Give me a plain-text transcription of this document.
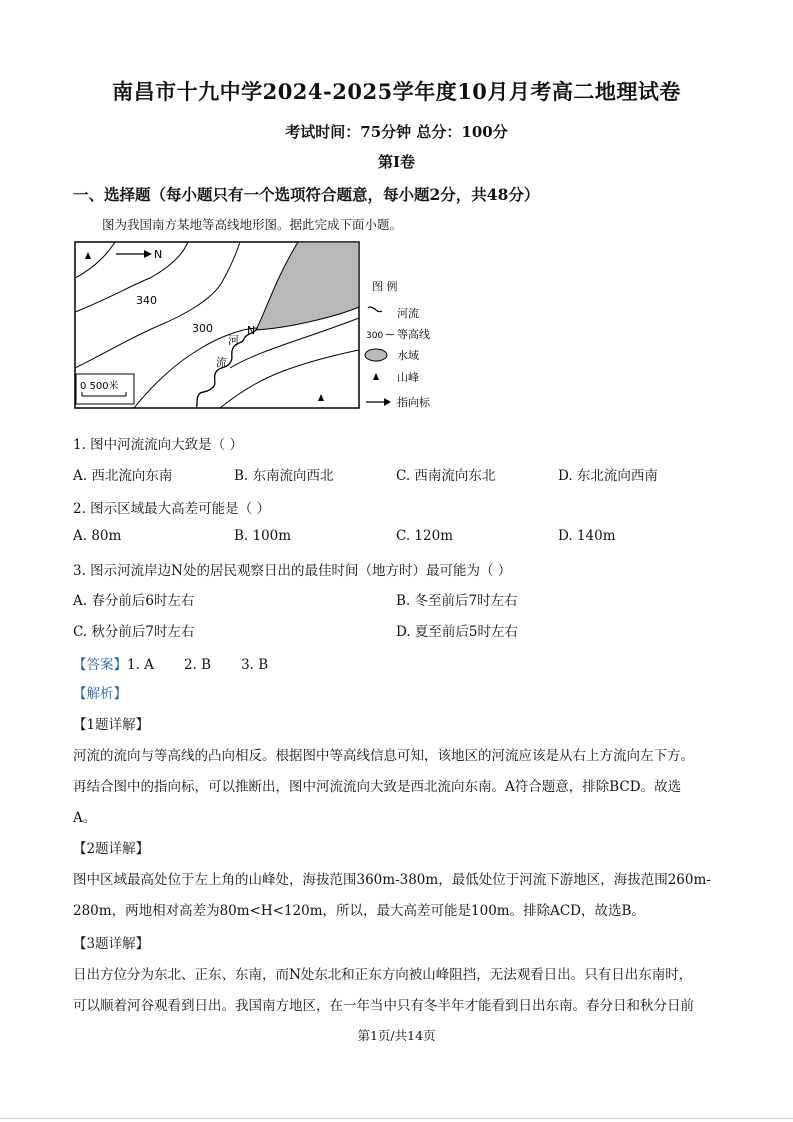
南昌市十九中学2024-2025学年度10月月考高二地理试卷
考试时间：75分钟 总分：100分
第I卷
一、选择题（每小题只有一个选项符合题意，每小题2分，共48分）
图为我国南方某地等高线地形图。据此完成下面小题。
0 500米
N
340
300
河
流
N
图 例
河流
300 等高线
水域
山峰
指向标
1. 图中河流流向大致是（ ）
A. 西北流向东南	B. 东南流向西北	C. 西南流向东北	D. 东北流向西南
2. 图示区域最大高差可能是（ ）
A. 80m	B. 100m	C. 120m	D. 140m
3. 图示河流岸边N处的居民观察日出的最佳时间（地方时）最可能为（ ）
A. 春分前后6时左右	B. 冬至前后7时左右
C. 秋分前后7时左右	D. 夏至前后5时左右
【答案】1. A       2. B       3. B
【解析】
【1题详解】
河流的流向与等高线的凸向相反。根据图中等高线信息可知，该地区的河流应该是从右上方流向左下方。
再结合图中的指向标，可以推断出，图中河流流向大致是西北流向东南。A符合题意，排除BCD。故选
A。
【2题详解】
图中区域最高处位于左上角的山峰处，海拔范围360m-380m，最低处位于河流下游地区，海拔范围260m-
280m，两地相对高差为80m<H<120m，所以，最大高差可能是100m。排除ACD，故选B。
【3题详解】
日出方位分为东北、正东、东南，而N处东北和正东方向被山峰阻挡，无法观看日出。只有日出东南时，
可以顺着河谷观看到日出。我国南方地区，在一年当中只有冬半年才能看到日出东南。春分日和秋分日前
第1页/共14页
